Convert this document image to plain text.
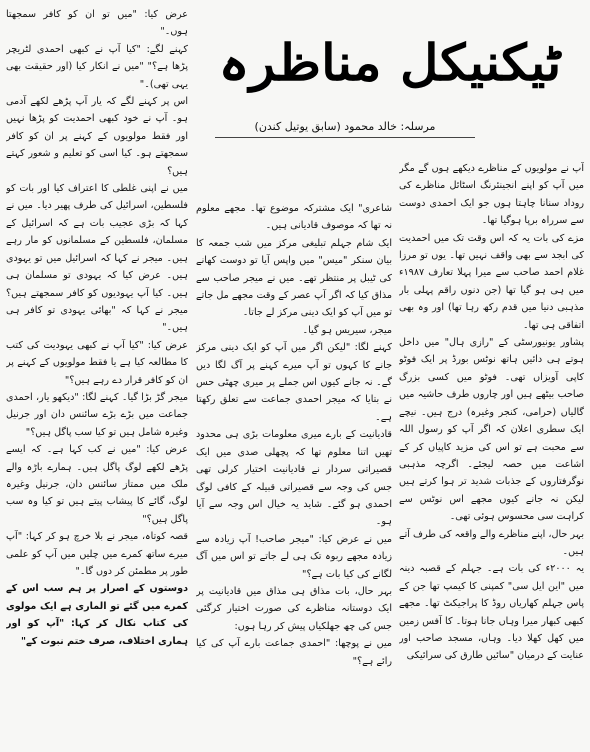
ٹیکنیکل مناظرہ
مرسلہ: خالد محمود (سابق یوتیل کندن)

آپ نے مولویوں کے مناظرے دیکھے ہوں گے مگر میں آپ کو اپنے انجینئرنگ اسٹائل مناظرے کی روداد سنانا چاہتا ہوں جو ایک احمدی دوست سے سرراہ برپا ہوگیا تھا۔

مزے کی بات یہ کہ اس وقت تک میں احمدیت کی ابجد سے بھی واقف نہیں تھا۔ یوں تو مرزا غلام احمد صاحب سے میرا پہلا تعارف ۱۹۸۷ء میں ہی ہو گیا تھا (جن دنوں راقم پہلی بار مذہبی دنیا میں قدم رکھ رہا تھا) اور وہ بھی اتفاقی ہی تھا۔

پشاور یونیورسٹی کے "رازی ہال" میں داخل ہوتے ہی دائیں ہاتھ نوٹس بورڈ پر ایک فوٹو کاپی آویزاں تھی۔ فوٹو میں کسی بزرگ صاحب بیٹھے ہیں اور چاروں طرف حاشیہ میں گالیاں (حرامی، کنجر وغیرہ) درج ہیں۔ نیچے ایک سطری اعلان کہ اگر آپ کو رسول اللہ سے محبت ہے تو اس کی مزید کاپیاں کر کے اشاعت میں حصہ لیجئے۔ اگرچہ مذہبی نوگرفتاروں کے جذبات شدید تر ہوا کرتے ہیں لیکن نہ جانے کیوں مجھے اس نوٹس سے کراہت سی محسوس ہوئی تھی۔

بہر حال، اپنے مناظرے والے واقعہ کی طرف آتے ہیں۔

یہ ۲۰۰۰ء کی بات ہے۔ جہلم کے قصبہ دینہ میں "این ایل سی" کمپنی کا کیمپ تھا جن کے پاس جہلم کھاریاں روڈ کا پراجیکٹ تھا۔ مجھے کبھی کبھار میرا وہاں جانا ہوتا۔ کا آفس زمین میں کھل کھلا دیا۔ وہاں، مسجد صاحب اور عنایت کے درمیان "سائیں طارق کی سرائیکی

شاعری" ایک مشترکہ موضوع تھا۔ مجھے معلوم نہ تھا کہ موصوف قادیانی ہیں۔

ایک شام جہلم تبلیغی مرکز میں شب جمعہ کا بیان سنکر "میس" میں واپس آیا تو دوست کھانے کی ٹیبل پر منتظر تھے۔ میں نے میجر صاحب سے مذاق کیا کہ اگر آپ عصر کے وقت مجھے مل جاتے تو میں آپ کو ایک دینی مرکز لے جاتا۔

میجر، سیریس ہو گیا۔

کہنے لگا: "لیکن اگر میں آپ کو ایک دینی مرکز جانے کا کہوں تو آپ میرے کہنے پر آگ لگا دیں گے۔ نہ جانے کیوں اس جملے پر میری چھٹی حس نے بتایا کہ میجر احمدی جماعت سے تعلق رکھتا ہے۔

قادیانیت کے بارے میری معلومات بڑی ہی محدود تھیں اتنا معلوم تھا کہ پچھلی صدی میں ایک قصیراتی سردار نے قادیانیت اختیار کرلی تھی جس کی وجہ سے قصیراتی قبیلہ کے کافی لوگ احمدی ہو گئے۔ شاید یہ خیال اس وجہ سے آیا ہو۔

میں نے عرض کیا: "میجر صاحب! آپ زیادہ سے زیادہ مجھے ربوہ تک ہی لے جاتے تو اس میں آگ لگانے کی کیا بات ہے؟"

بہر حال، بات مذاق ہی مذاق میں قادیانیت پر ایک دوستانہ مناظرے کی صورت اختیار کرگئی جس کی چھ جھلکیاں پیش کر رہا ہوں:

میں نے پوچھا: "احمدی جماعت بارے آپ کی کیا رائے ہے؟"

عرض کیا: "میں تو ان کو کافر سمجھتا ہوں۔"

کہنے لگے: "کیا آپ نے کبھی احمدی لٹریچر پڑھا ہے؟" "میں نے انکار کیا (اور حقیقت بھی یہی تھی)۔"

اس پر کہنے لگے کہ یار آپ پڑھے لکھے آدمی ہو۔ آپ نے خود کبھی احمدیت کو پڑھا نہیں اور فقط مولویوں کے کہنے پر ان کو کافر سمجھتے ہو۔ کیا اسی کو تعلیم و شعور کہتے ہیں؟

میں نے اپنی غلطی کا اعتراف کیا اور بات کو فلسطین، اسرائیل کی طرف پھیر دیا۔ میں نے کہا کہ بڑی عجیب بات ہے کہ اسرائیل کے مسلمان، فلسطین کے مسلمانوں کو مار رہے ہیں۔ میجر نے کہا کہ اسرائیل میں تو یہودی ہیں۔ عرض کیا کہ یہودی تو مسلمان ہی ہیں۔ کیا آپ یہودیوں کو کافر سمجھتے ہیں؟ میجر نے کہا کہ "بھائی یہودی تو کافر ہی ہیں۔"

عرض کیا: "کیا آپ نے کبھی یہودیت کی کتب کا مطالعہ کیا ہے یا فقط مولویوں کے کہنے پر ان کو کافر قرار دے رہے ہیں؟"

میجر گڑ بڑا گیا۔ کہنے لگا: "دیکھو یار، احمدی جماعت میں بڑے بڑے سائنس دان اور جرنیل وغیرہ شامل ہیں تو کیا سب پاگل ہیں؟"

عرض کیا: "میں نے کب کہا ہے۔ کہ ایسے پڑھے لکھے لوگ پاگل ہیں۔ ہمارے باڑہ والے ملک میں ممتاز سائنس دان، جرنیل وغیرہ لوگ، گائے کا پیشاب پیتے ہیں تو کیا وہ سب پاگل ہیں؟"

قصہ کوتاہ، میجر نے بلا خرچ ہو کر کہا: "آپ میرے ساتھ کمرے میں چلیں میں آپ کو علمی طور پر مطمئن کر دوں گا۔"

دوستوں کے اصرار پر ہم سب اس کے کمرے میں گئے تو الماری ہے ایک مولوی کی کتاب نکال کر کہا: "آپ کو اور ہماری اختلاف، صرف ختم نبوت کے"
